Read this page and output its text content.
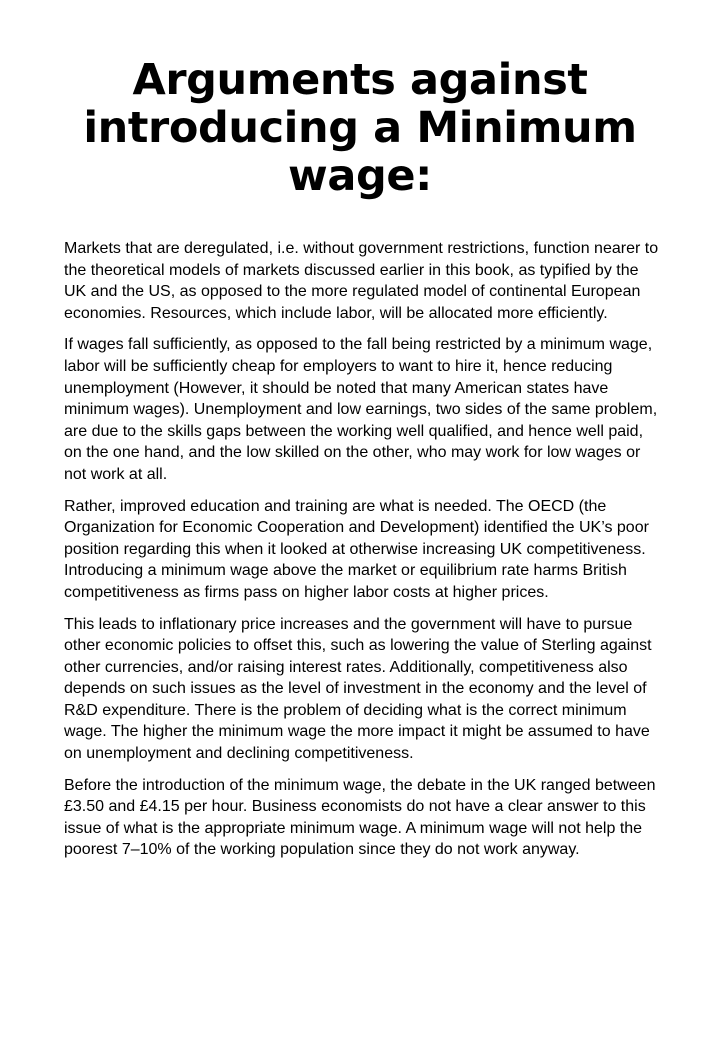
Arguments against introducing a Minimum wage:

Markets that are deregulated, i.e. without government restrictions, function nearer to the theoretical models of markets discussed earlier in this book, as typified by the UK and the US, as opposed to the more regulated model of continental European economies. Resources, which include labor, will be allocated more efficiently.

If wages fall sufficiently, as opposed to the fall being restricted by a minimum wage, labor will be sufficiently cheap for employers to want to hire it, hence reducing unemployment (However, it should be noted that many American states have minimum wages). Unemployment and low earnings, two sides of the same problem, are due to the skills gaps between the working well qualified, and hence well paid, on the one hand, and the low skilled on the other, who may work for low wages or not work at all.

Rather, improved education and training are what is needed. The OECD (the Organization for Economic Cooperation and Development) identified the UK’s poor position regarding this when it looked at otherwise increasing UK competitiveness. Introducing a minimum wage above the market or equilibrium rate harms British competitiveness as firms pass on higher labor costs at higher prices.

This leads to inflationary price increases and the government will have to pursue other economic policies to offset this, such as lowering the value of Sterling against other currencies, and/or raising interest rates. Additionally, competitiveness also depends on such issues as the level of investment in the economy and the level of R&D expenditure. There is the problem of deciding what is the correct minimum wage. The higher the minimum wage the more impact it might be assumed to have on unemployment and declining competitiveness.

Before the introduction of the minimum wage, the debate in the UK ranged between £3.50 and £4.15 per hour. Business economists do not have a clear answer to this issue of what is the appropriate minimum wage. A minimum wage will not help the poorest 7–10% of the working population since they do not work anyway.
